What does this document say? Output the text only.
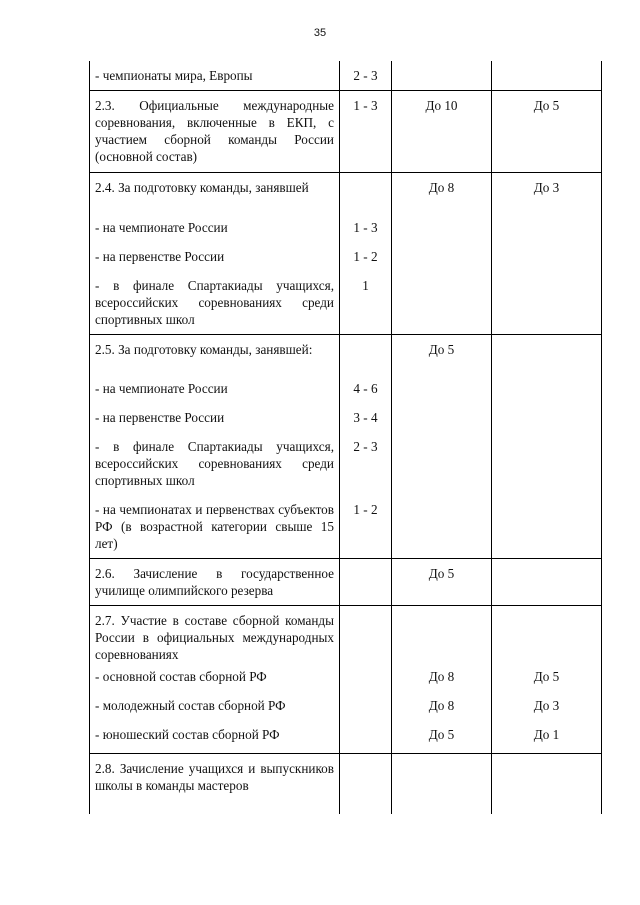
35
- чемпионаты мира, Европы	2 - 3		
2.3. Официальные международные соревнования, включенные в ЕКП, с участием сборной команды России (основной состав)	1 - 3	До 10	До 5
2.4. За подготовку команды, занявшей		До 8	До 3
- на чемпионате России	1 - 3		
- на первенстве России	1 - 2		
- в финале Спартакиады учащихся, всероссийских соревнованиях среди спортивных школ	1		
2.5. За подготовку команды, занявшей:		До 5	
- на чемпионате России	4 - 6		
- на первенстве России	3 - 4		
- в финале Спартакиады учащихся, всероссийских соревнованиях среди спортивных школ	2 - 3		
- на чемпионатах и первенствах субъектов РФ (в возрастной категории свыше 15 лет)	1 - 2		
2.6. Зачисление в государственное училище олимпийского резерва		До 5	
2.7. Участие в составе сборной команды России в официальных международных соревнованиях			
- основной состав сборной РФ		До 8	До 5
- молодежный состав сборной РФ		До 8	До 3
- юношеский состав сборной РФ		До 5	До 1
2.8. Зачисление учащихся и выпускников школы в команды мастеров			
